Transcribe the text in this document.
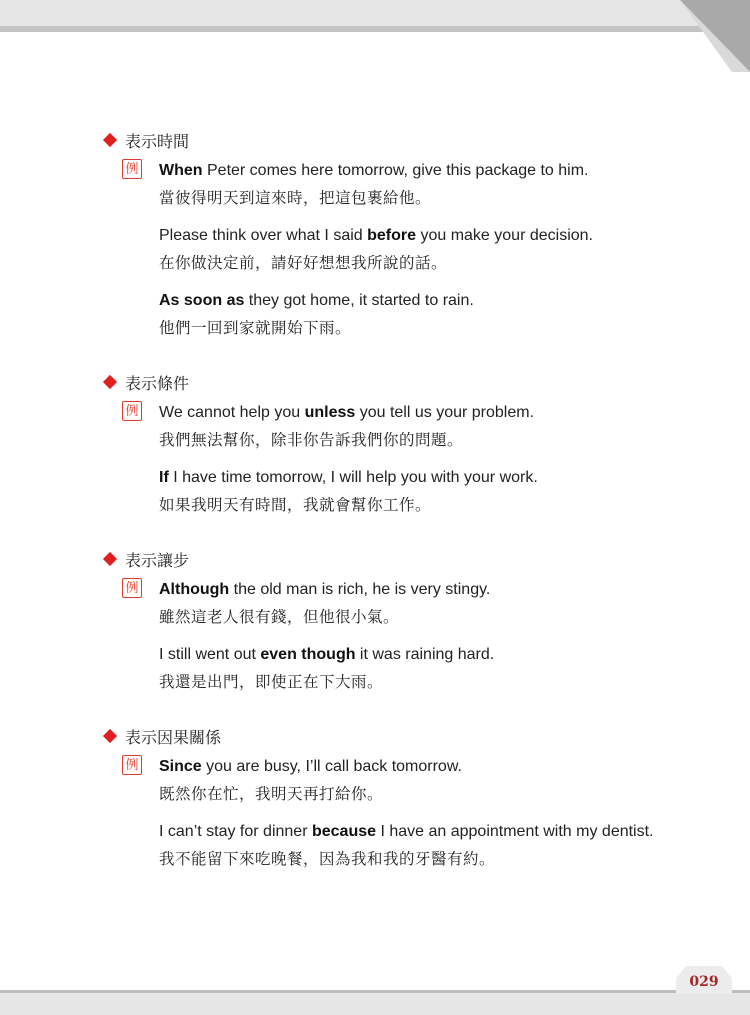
029
表示時間
例 When Peter comes here tomorrow, give this package to him.
當彼得明天到這來時，把這包裹給他。
Please think over what I said before you make your decision.
在你做決定前，請好好想想我所說的話。
As soon as they got home, it started to rain.
他們一回到家就開始下雨。
表示條件
例 We cannot help you unless you tell us your problem.
我們無法幫你，除非你告訴我們你的問題。
If I have time tomorrow, I will help you with your work.
如果我明天有時間，我就會幫你工作。
表示讓步
例 Although the old man is rich, he is very stingy.
雖然這老人很有錢，但他很小氣。
I still went out even though it was raining hard.
我還是出門，即使正在下大雨。
表示因果關係
例 Since you are busy, I’ll call back tomorrow.
既然你在忙，我明天再打給你。
I can’t stay for dinner because I have an appointment with my dentist.
我不能留下來吃晚餐，因為我和我的牙醫有約。
